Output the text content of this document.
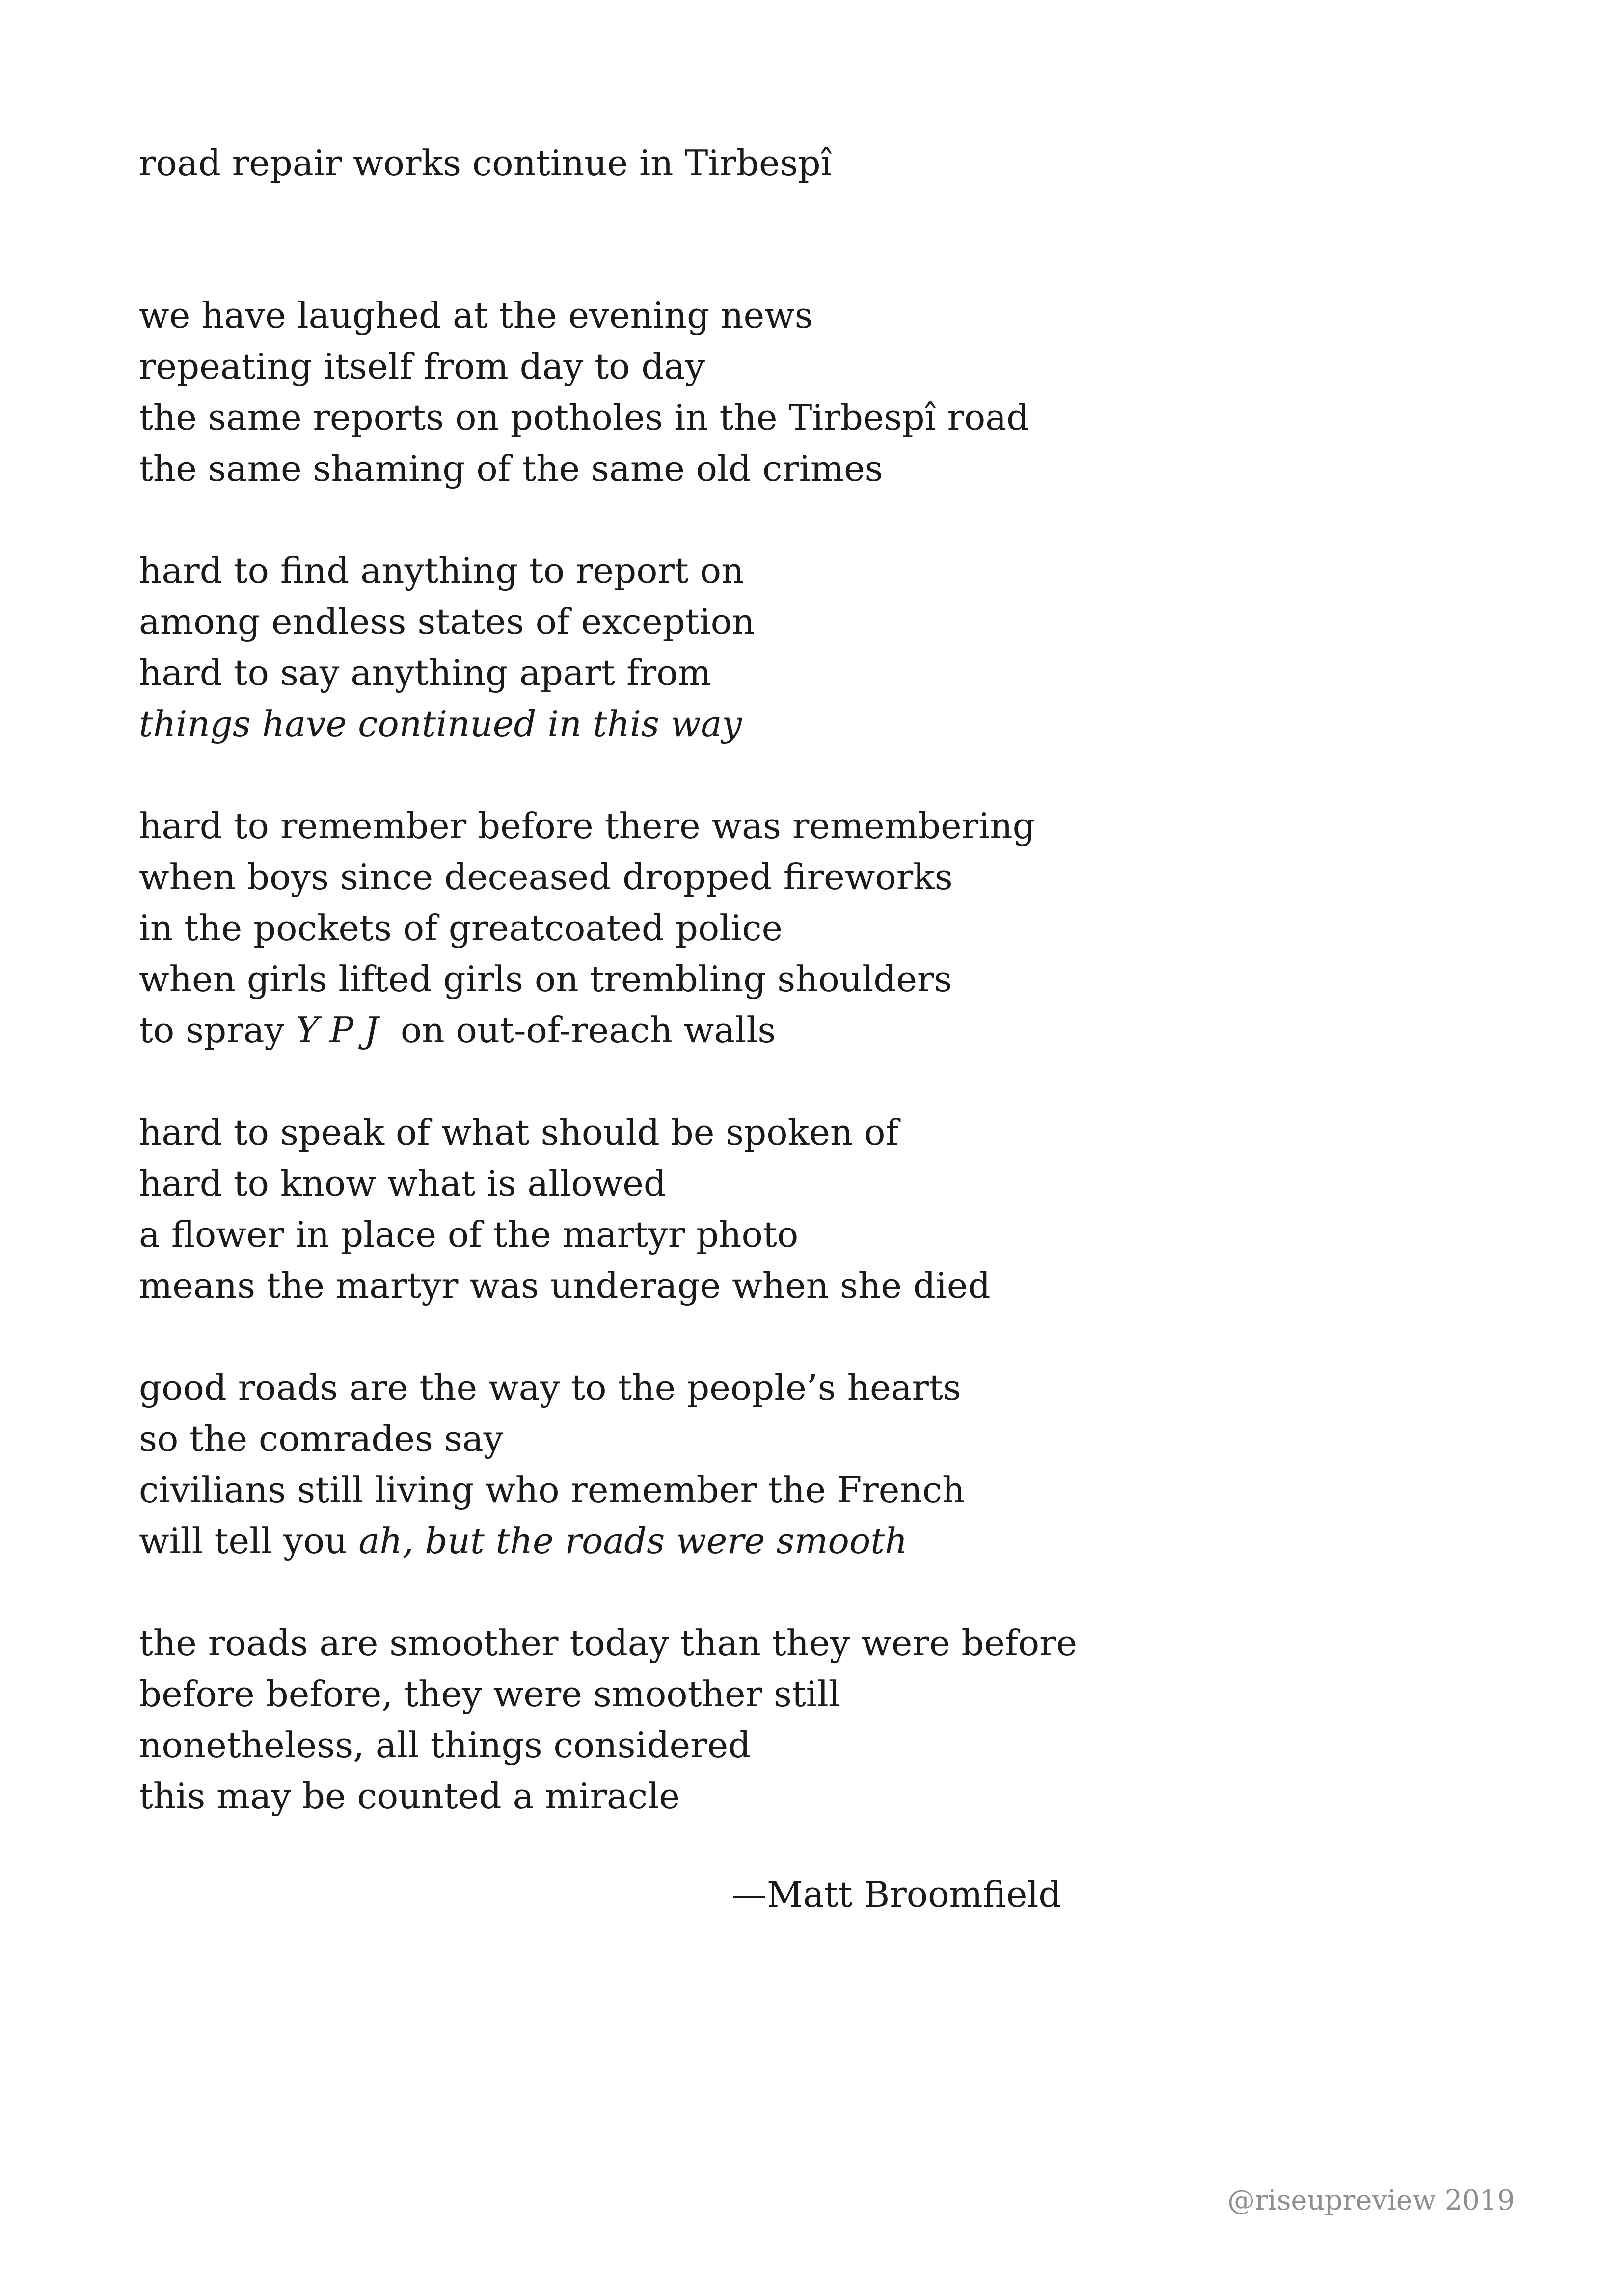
road repair works continue in Tirbespî
we have laughed at the evening news
repeating itself from day to day
the same reports on potholes in the Tirbespî road
the same shaming of the same old crimes
hard to find anything to report on
among endless states of exception
hard to say anything apart from
things have continued in this way
hard to remember before there was remembering
when boys since deceased dropped fireworks
in the pockets of greatcoated police
when girls lifted girls on trembling shoulders
to spray YPJ on out-of-reach walls
hard to speak of what should be spoken of
hard to know what is allowed
a flower in place of the martyr photo
means the martyr was underage when she died
good roads are the way to the people’s hearts
so the comrades say
civilians still living who remember the French
will tell you ah, but the roads were smooth
the roads are smoother today than they were before
before before, they were smoother still
nonetheless, all things considered
this may be counted a miracle
—Matt Broomfield
@riseupreview 2019
